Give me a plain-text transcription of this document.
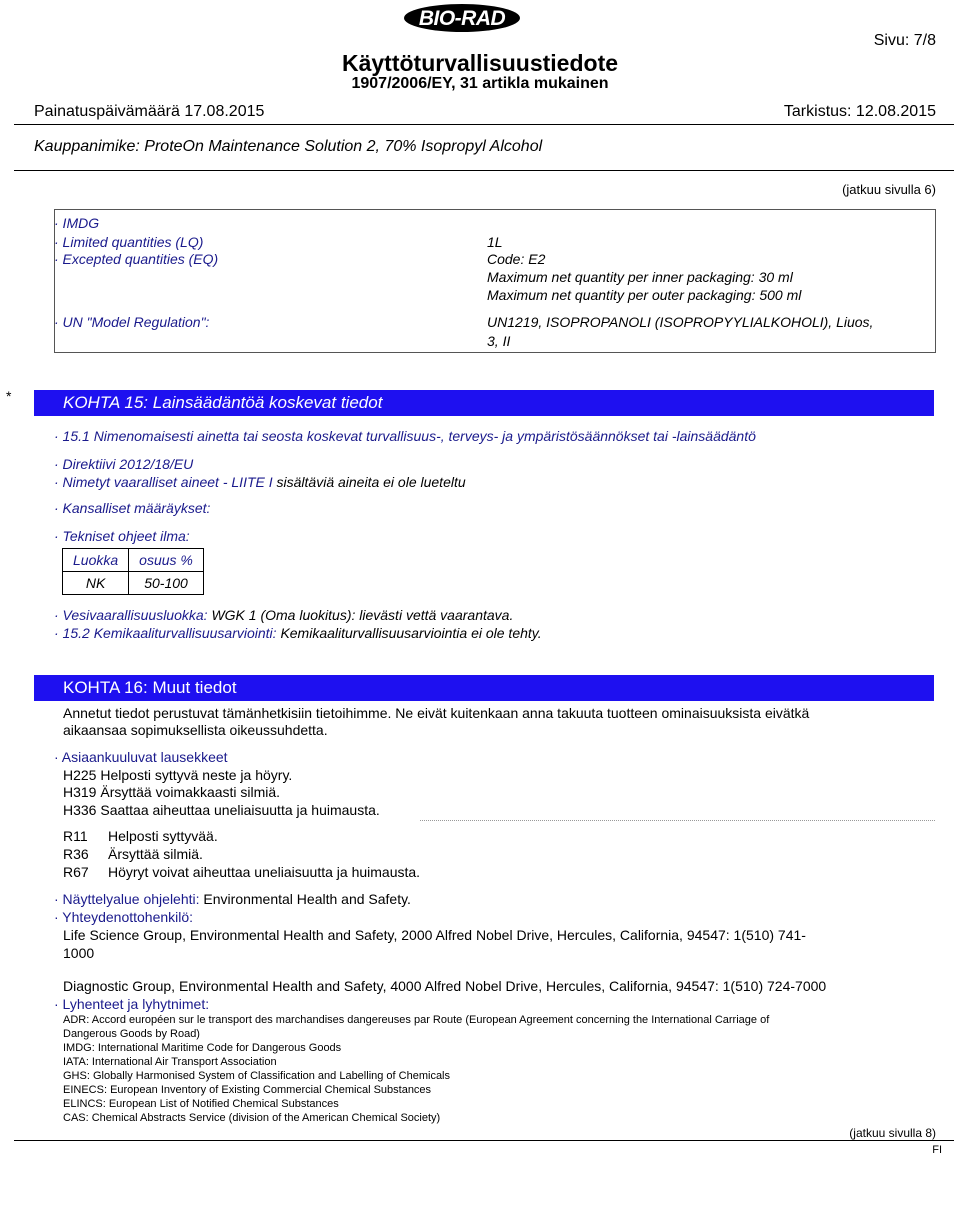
BIO-RAD
Sivu: 7/8
Käyttöturvallisuustiedote
1907/2006/EY, 31 artikla mukainen
Painatuspäivämäärä 17.08.2015	Tarkistus: 12.08.2015
Kauppanimike: ProteOn Maintenance Solution 2, 70% Isopropyl Alcohol
(jatkuu sivulla 6)
· IMDG
· Limited quantities (LQ)	1L
· Excepted quantities (EQ)	Code: E2
Maximum net quantity per inner packaging: 30 ml
Maximum net quantity per outer packaging: 500 ml
· UN "Model Regulation":	UN1219, ISOPROPANOLI (ISOPROPYYLIALKOHOLI), Liuos,
3, II
*	KOHTA 15: Lainsäädäntöä koskevat tiedot
· 15.1 Nimenomaisesti ainetta tai seosta koskevat turvallisuus-, terveys- ja ympäristösäännökset tai -lainsäädäntö
· Direktiivi 2012/18/EU
· Nimetyt vaaralliset aineet - LIITE I sisältäviä aineita ei ole lueteltu
· Kansalliset määräykset:
· Tekniset ohjeet ilma:
Luokka	osuus %
NK	50-100
· Vesivaarallisuusluokka: WGK 1 (Oma luokitus): lievästi vettä vaarantava.
· 15.2 Kemikaaliturvallisuusarviointi: Kemikaaliturvallisuusarviointia ei ole tehty.
KOHTA 16: Muut tiedot
Annetut tiedot perustuvat tämänhetkisiin tietoihimme. Ne eivät kuitenkaan anna takuuta tuotteen ominaisuuksista eivätkä
aikaansaa sopimuksellista oikeussuhdetta.
· Asiaankuuluvat lausekkeet
H225 Helposti syttyvä neste ja höyry.
H319 Ärsyttää voimakkaasti silmiä.
H336 Saattaa aiheuttaa uneliaisuutta ja huimausta.
R11 Helposti syttyvää.
R36 Ärsyttää silmiä.
R67 Höyryt voivat aiheuttaa uneliaisuutta ja huimausta.
· Näyttelyalue ohjelehti: Environmental Health and Safety.
· Yhteydenottohenkilö:
Life Science Group, Environmental Health and Safety, 2000 Alfred Nobel Drive, Hercules, California, 94547: 1(510) 741-
1000
Diagnostic Group, Environmental Health and Safety, 4000 Alfred Nobel Drive, Hercules, California, 94547: 1(510) 724-7000
· Lyhenteet ja lyhytnimet:
ADR: Accord européen sur le transport des marchandises dangereuses par Route (European Agreement concerning the International Carriage of
Dangerous Goods by Road)
IMDG: International Maritime Code for Dangerous Goods
IATA: International Air Transport Association
GHS: Globally Harmonised System of Classification and Labelling of Chemicals
EINECS: European Inventory of Existing Commercial Chemical Substances
ELINCS: European List of Notified Chemical Substances
CAS: Chemical Abstracts Service (division of the American Chemical Society)
(jatkuu sivulla 8)
FI
